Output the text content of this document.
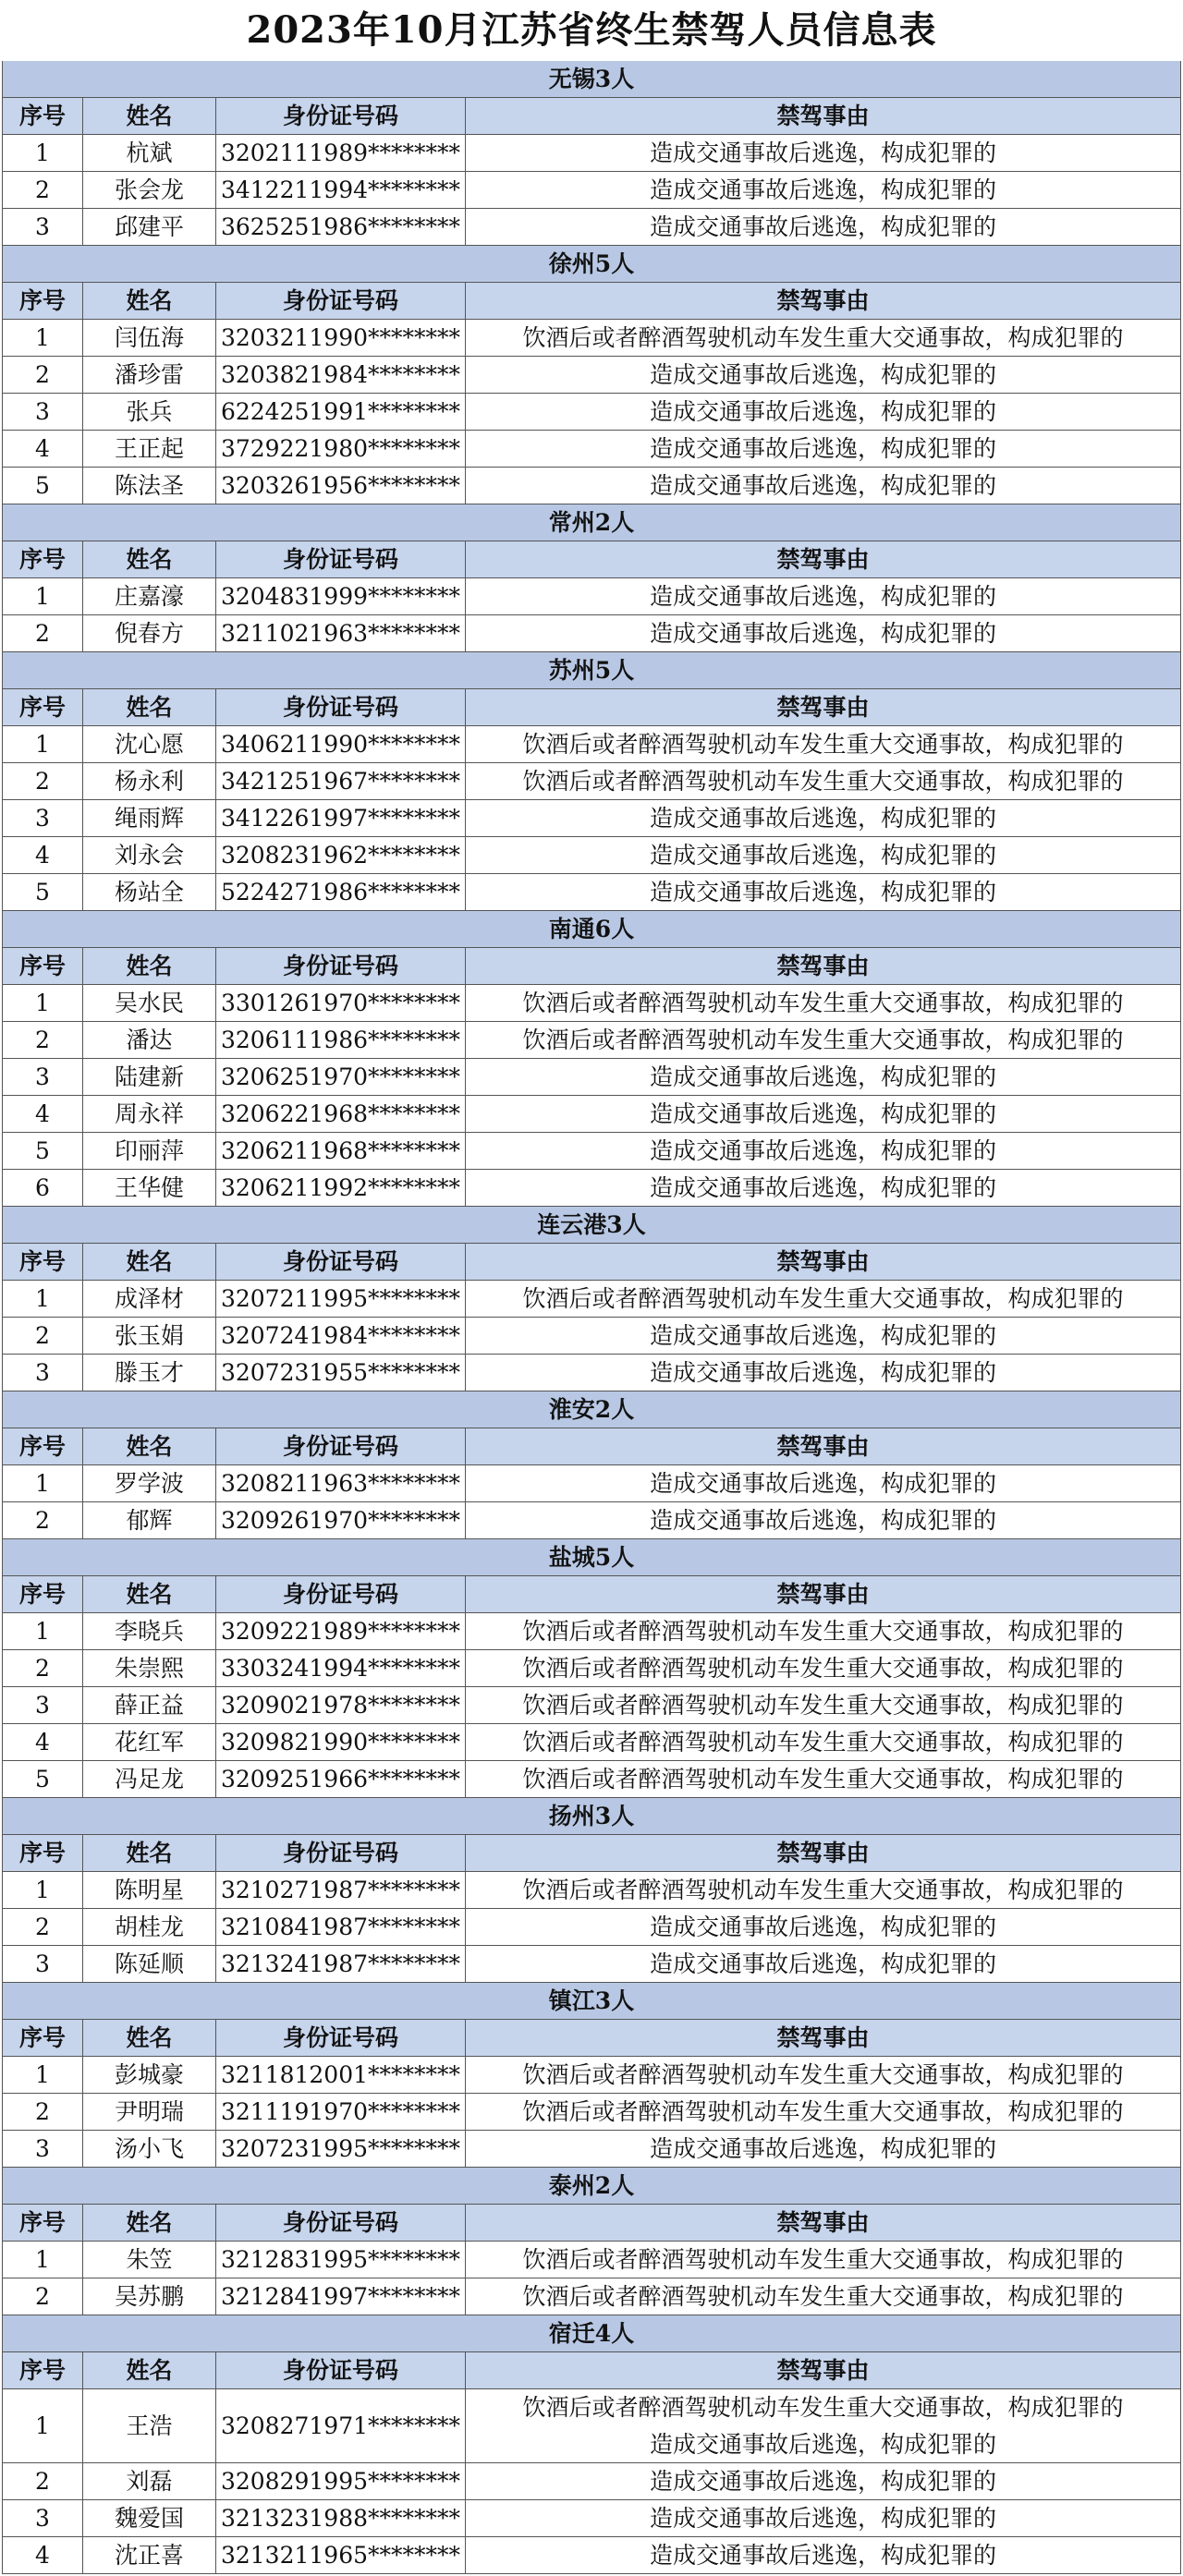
2023年10月江苏省终生禁驾人员信息表
无锡3人
序号	姓名	身份证号码	禁驾事由
1	杭斌	3202111989********	造成交通事故后逃逸，构成犯罪的
2	张会龙	3412211994********	造成交通事故后逃逸，构成犯罪的
3	邱建平	3625251986********	造成交通事故后逃逸，构成犯罪的
徐州5人
序号	姓名	身份证号码	禁驾事由
1	闫伍海	3203211990********	饮酒后或者醉酒驾驶机动车发生重大交通事故，构成犯罪的
2	潘珍雷	3203821984********	造成交通事故后逃逸，构成犯罪的
3	张兵	6224251991********	造成交通事故后逃逸，构成犯罪的
4	王正起	3729221980********	造成交通事故后逃逸，构成犯罪的
5	陈法圣	3203261956********	造成交通事故后逃逸，构成犯罪的
常州2人
序号	姓名	身份证号码	禁驾事由
1	庄嘉濠	3204831999********	造成交通事故后逃逸，构成犯罪的
2	倪春方	3211021963********	造成交通事故后逃逸，构成犯罪的
苏州5人
序号	姓名	身份证号码	禁驾事由
1	沈心愿	3406211990********	饮酒后或者醉酒驾驶机动车发生重大交通事故，构成犯罪的
2	杨永利	3421251967********	饮酒后或者醉酒驾驶机动车发生重大交通事故，构成犯罪的
3	绳雨辉	3412261997********	造成交通事故后逃逸，构成犯罪的
4	刘永会	3208231962********	造成交通事故后逃逸，构成犯罪的
5	杨站全	5224271986********	造成交通事故后逃逸，构成犯罪的
南通6人
序号	姓名	身份证号码	禁驾事由
1	吴水民	3301261970********	饮酒后或者醉酒驾驶机动车发生重大交通事故，构成犯罪的
2	潘达	3206111986********	饮酒后或者醉酒驾驶机动车发生重大交通事故，构成犯罪的
3	陆建新	3206251970********	造成交通事故后逃逸，构成犯罪的
4	周永祥	3206221968********	造成交通事故后逃逸，构成犯罪的
5	印丽萍	3206211968********	造成交通事故后逃逸，构成犯罪的
6	王华健	3206211992********	造成交通事故后逃逸，构成犯罪的
连云港3人
序号	姓名	身份证号码	禁驾事由
1	成泽材	3207211995********	饮酒后或者醉酒驾驶机动车发生重大交通事故，构成犯罪的
2	张玉娟	3207241984********	造成交通事故后逃逸，构成犯罪的
3	滕玉才	3207231955********	造成交通事故后逃逸，构成犯罪的
淮安2人
序号	姓名	身份证号码	禁驾事由
1	罗学波	3208211963********	造成交通事故后逃逸，构成犯罪的
2	郁辉	3209261970********	造成交通事故后逃逸，构成犯罪的
盐城5人
序号	姓名	身份证号码	禁驾事由
1	李晓兵	3209221989********	饮酒后或者醉酒驾驶机动车发生重大交通事故，构成犯罪的
2	朱崇熙	3303241994********	饮酒后或者醉酒驾驶机动车发生重大交通事故，构成犯罪的
3	薛正益	3209021978********	饮酒后或者醉酒驾驶机动车发生重大交通事故，构成犯罪的
4	花红军	3209821990********	饮酒后或者醉酒驾驶机动车发生重大交通事故，构成犯罪的
5	冯足龙	3209251966********	饮酒后或者醉酒驾驶机动车发生重大交通事故，构成犯罪的
扬州3人
序号	姓名	身份证号码	禁驾事由
1	陈明星	3210271987********	饮酒后或者醉酒驾驶机动车发生重大交通事故，构成犯罪的
2	胡桂龙	3210841987********	造成交通事故后逃逸，构成犯罪的
3	陈延顺	3213241987********	造成交通事故后逃逸，构成犯罪的
镇江3人
序号	姓名	身份证号码	禁驾事由
1	彭城豪	3211812001********	饮酒后或者醉酒驾驶机动车发生重大交通事故，构成犯罪的
2	尹明瑞	3211191970********	饮酒后或者醉酒驾驶机动车发生重大交通事故，构成犯罪的
3	汤小飞	3207231995********	造成交通事故后逃逸，构成犯罪的
泰州2人
序号	姓名	身份证号码	禁驾事由
1	朱笠	3212831995********	饮酒后或者醉酒驾驶机动车发生重大交通事故，构成犯罪的
2	吴苏鹏	3212841997********	饮酒后或者醉酒驾驶机动车发生重大交通事故，构成犯罪的
宿迁4人
序号	姓名	身份证号码	禁驾事由
1	王浩	3208271971********
饮酒后或者醉酒驾驶机动车发生重大交通事故，构成犯罪的
造成交通事故后逃逸，构成犯罪的
2	刘磊	3208291995********	造成交通事故后逃逸，构成犯罪的
3	魏爱国	3213231988********	造成交通事故后逃逸，构成犯罪的
4	沈正喜	3213211965********	造成交通事故后逃逸，构成犯罪的
